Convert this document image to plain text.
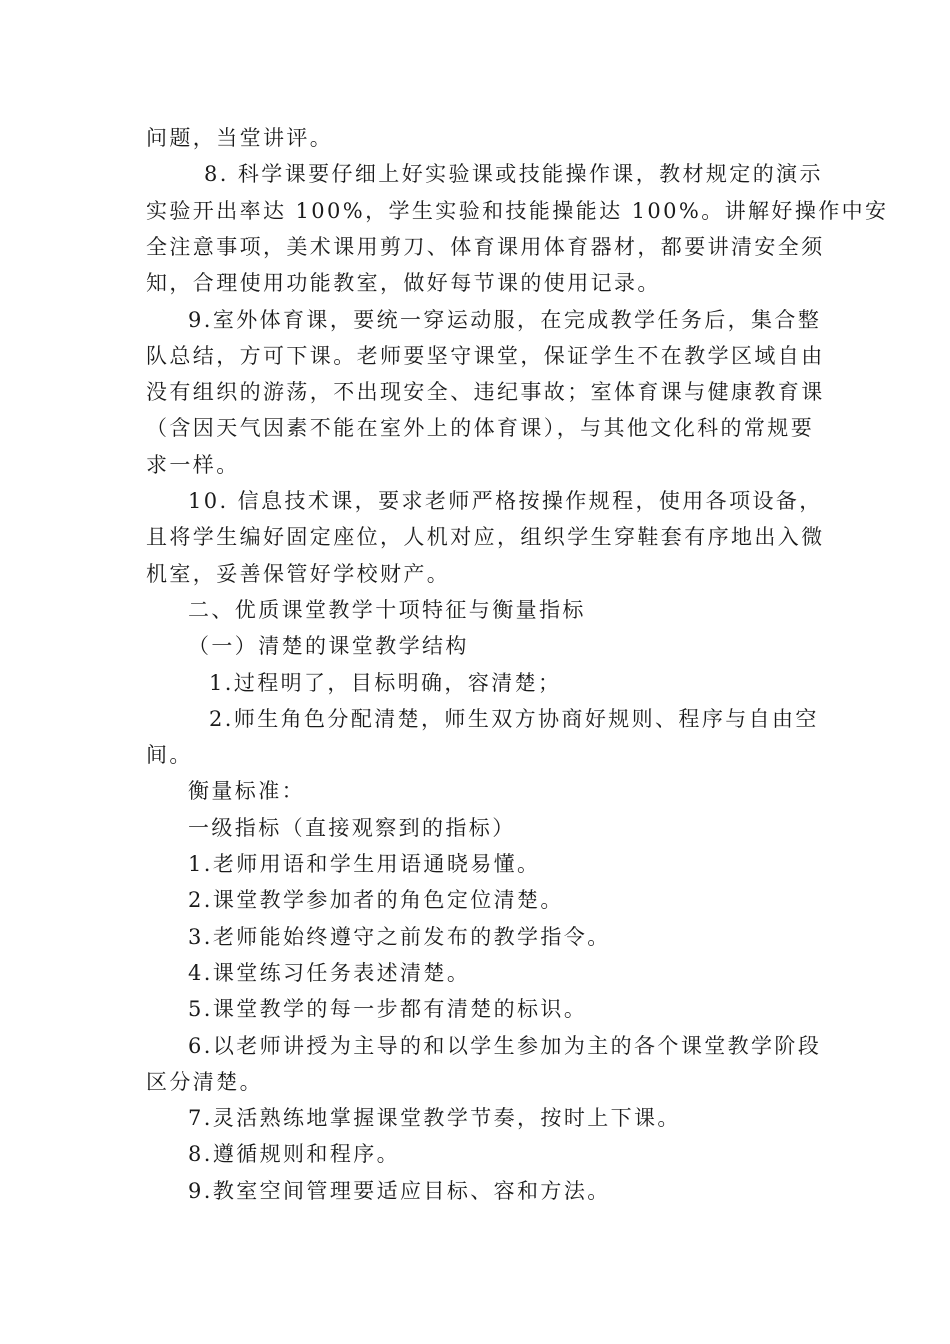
问题，当堂讲评。
8. 科学课要仔细上好实验课或技能操作课，教材规定的演示
实验开出率达 100%，学生实验和技能操能达 100%。讲解好操作中安
全注意事项，美术课用剪刀、体育课用体育器材，都要讲清安全须
知，合理使用功能教室，做好每节课的使用记录。
9.室外体育课，要统一穿运动服，在完成教学任务后，集合整
队总结，方可下课。老师要坚守课堂，保证学生不在教学区域自由
没有组织的游荡，不出现安全、违纪事故；室体育课与健康教育课
（含因天气因素不能在室外上的体育课），与其他文化科的常规要
求一样。
10. 信息技术课，要求老师严格按操作规程，使用各项设备，
且将学生编好固定座位，人机对应，组织学生穿鞋套有序地出入微
机室，妥善保管好学校财产。
二、优质课堂教学十项特征与衡量指标
（一）清楚的课堂教学结构
1.过程明了，目标明确，容清楚；
2.师生角色分配清楚，师生双方协商好规则、程序与自由空
间。
衡量标准：
一级指标（直接观察到的指标）
1.老师用语和学生用语通晓易懂。
2.课堂教学参加者的角色定位清楚。
3.老师能始终遵守之前发布的教学指令。
4.课堂练习任务表述清楚。
5.课堂教学的每一步都有清楚的标识。
6.以老师讲授为主导的和以学生参加为主的各个课堂教学阶段
区分清楚。
7.灵活熟练地掌握课堂教学节奏，按时上下课。
8.遵循规则和程序。
9.教室空间管理要适应目标、容和方法。
